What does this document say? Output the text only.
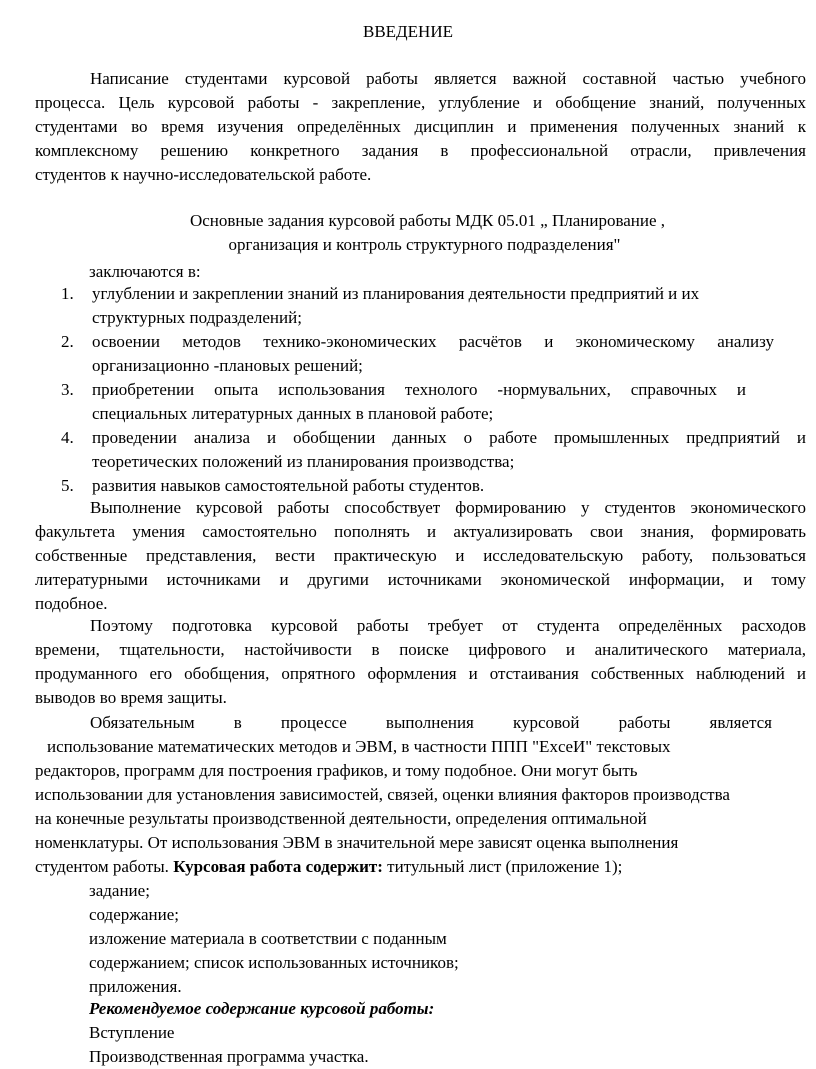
ВВЕДЕНИЕ
Написание студентами курсовой работы является важной составной частью учебного
процесса. Цель курсовой работы - закрепление, углубление и обобщение знаний, полученных
студентами во время изучения определённых дисциплин и применения полученных знаний к
комплексному решению конкретного задания в профессиональной отрасли, привлечения
студентов к научно-исследовательской работе.
Основные задания курсовой работы МДК 05.01 „ Планирование ,
организация и контроль структурного подразделения"
заключаются в:
1. углублении и закреплении знаний из планирования деятельности предприятий и их
структурных подразделений;
2. освоении методов технико-экономических расчётов и экономическому анализу
организационно -плановых решений;
3. приобретении опыта использования технолого -нормувальних, справочных и
специальных литературных данных в плановой работе;
4. проведении анализа и обобщении данных о работе промышленных предприятий и
теоретических положений из планирования производства;
5. развития навыков самостоятельной работы студентов.
Выполнение курсовой работы способствует формированию у студентов экономического
факультета умения самостоятельно пополнять и актуализировать свои знания, формировать
собственные представления, вести практическую и исследовательскую работу, пользоваться
литературными источниками и другими источниками экономической информации, и тому
подобное.
Поэтому подготовка курсовой работы требует от студента определённых расходов
времени, тщательности, настойчивости в поиске цифрового и аналитического материала,
продуманного его обобщения, опрятного оформления и отстаивания собственных наблюдений и
выводов во время защиты.
Обязательным в процессе выполнения курсовой работы является
использование математических методов и ЭВМ, в частности ППП "ExceИ" текстовых
редакторов, программ для построения графиков, и тому подобное. Они могут быть
использовании для установления зависимостей, связей, оценки влияния факторов производства
на конечные результаты производственной деятельности, определения оптимальной
номенклатуры. От использования ЭВМ в значительной мере зависят оценка выполнения
студентом работы. Курсовая работа содержит: титульный лист (приложение 1);
задание;
содержание;
изложение материала в соответствии с поданным
содержанием; список использованных источников;
приложения.
Рекомендуемое содержание курсовой работы:
Вступление
Производственная программа участка.
